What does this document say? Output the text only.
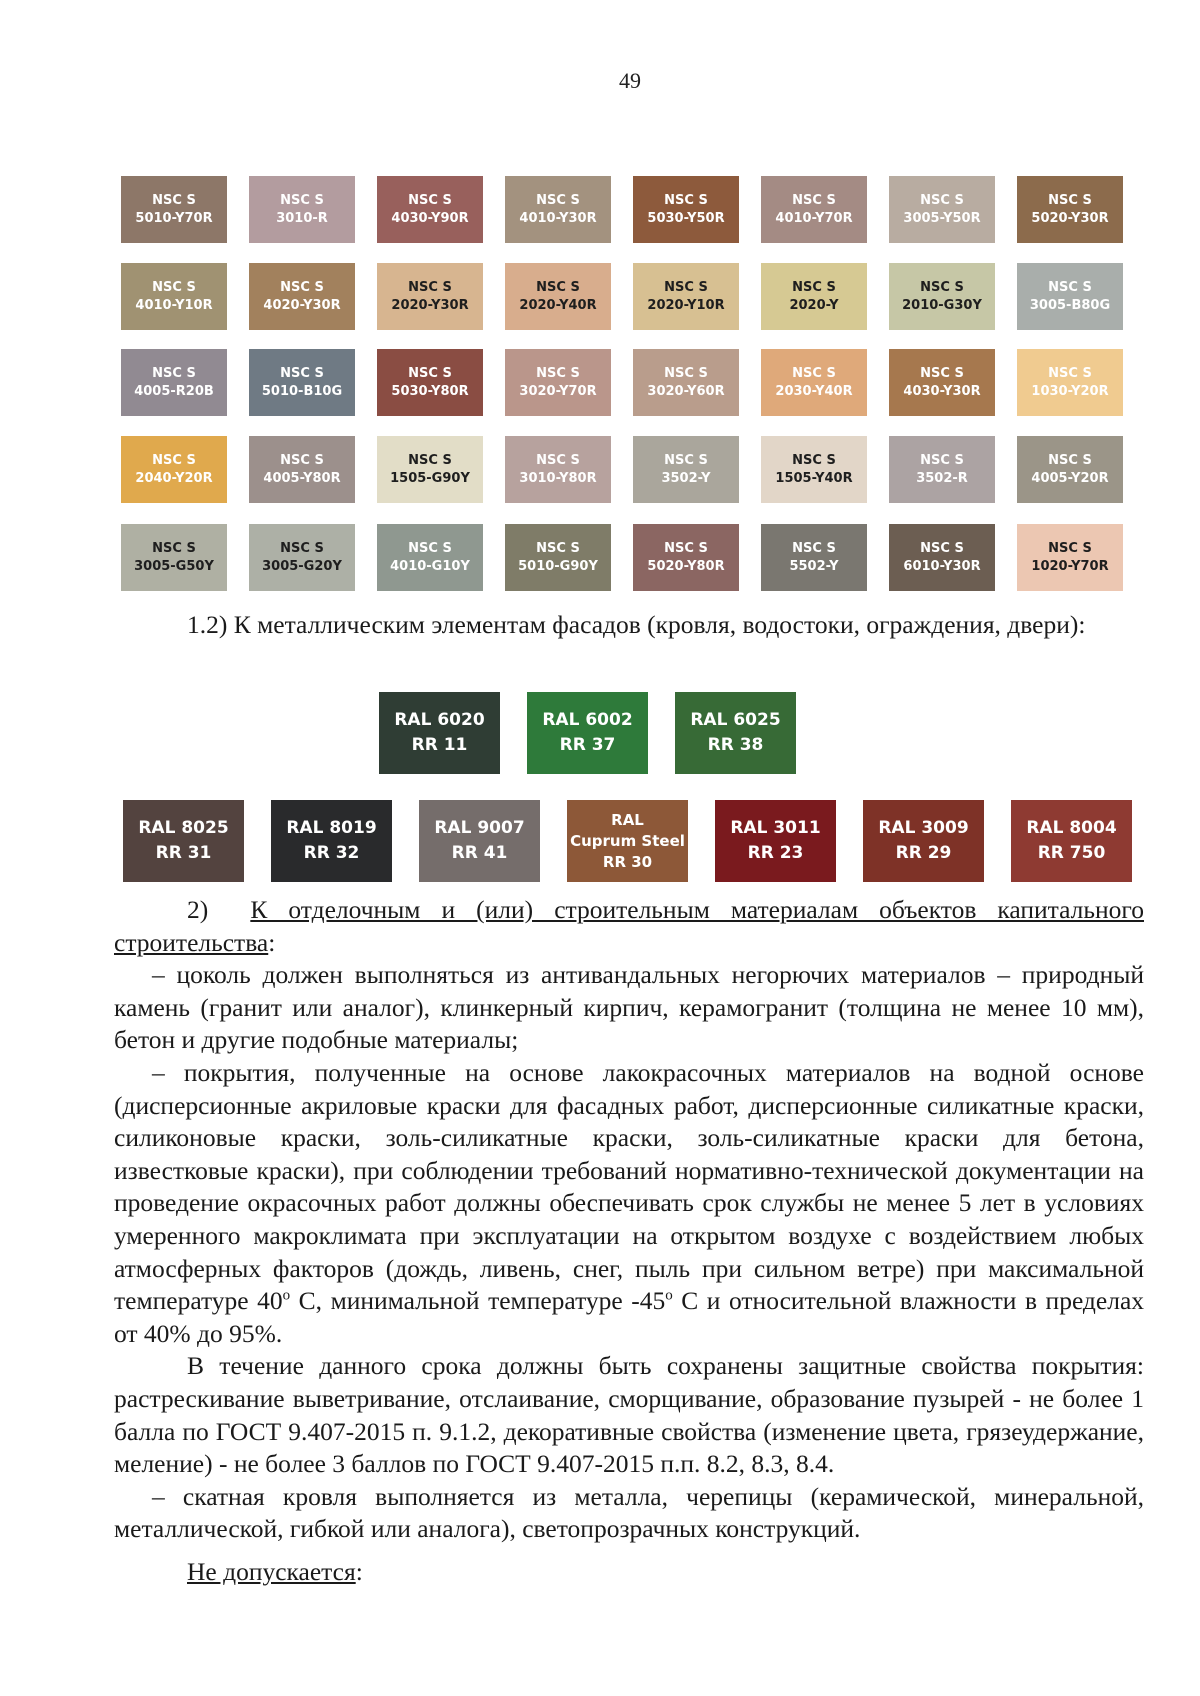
49
NSC S
5010-Y70R
NSC S
3010-R
NSC S
4030-Y90R
NSC S
4010-Y30R
NSC S
5030-Y50R
NSC S
4010-Y70R
NSC S
3005-Y50R
NSC S
5020-Y30R
NSC S
4010-Y10R
NSC S
4020-Y30R
NSC S
2020-Y30R
NSC S
2020-Y40R
NSC S
2020-Y10R
NSC S
2020-Y
NSC S
2010-G30Y
NSC S
3005-B80G
NSC S
4005-R20B
NSC S
5010-B10G
NSC S
5030-Y80R
NSC S
3020-Y70R
NSC S
3020-Y60R
NSC S
2030-Y40R
NSC S
4030-Y30R
NSC S
1030-Y20R
NSC S
2040-Y20R
NSC S
4005-Y80R
NSC S
1505-G90Y
NSC S
3010-Y80R
NSC S
3502-Y
NSC S
1505-Y40R
NSC S
3502-R
NSC S
4005-Y20R
NSC S
3005-G50Y
NSC S
3005-G20Y
NSC S
4010-G10Y
NSC S
5010-G90Y
NSC S
5020-Y80R
NSC S
5502-Y
NSC S
6010-Y30R
NSC S
1020-Y70R

1.2) К металлическим элементам фасадов (кровля, водостоки, ограждения, двери):

RAL 6020
RR 11
RAL 6002
RR 37
RAL 6025
RR 38
RAL 8025
RR 31
RAL 8019
RR 32
RAL 9007
RR 41
RAL
Cuprum Steel
RR 30
RAL 3011
RR 23
RAL 3009
RR 29
RAL 8004
RR 750

2) К отделочным и (или) строительным материалам объектов капитального строительства:

– цоколь должен выполняться из антивандальных негорючих материалов – природный камень (гранит или аналог), клинкерный кирпич, керамогранит (толщина не менее 10 мм), бетон и другие подобные материалы;

– покрытия, полученные на основе лакокрасочных материалов на водной основе (дисперсионные акриловые краски для фасадных работ, дисперсионные силикатные краски, силиконовые краски, золь-силикатные краски, золь-силикатные краски для бетона, известковые краски), при соблюдении требований нормативно-технической документации на проведение окрасочных работ должны обеспечивать срок службы не менее 5 лет в условиях умеренного макроклимата при эксплуатации на открытом воздухе с воздействием любых атмосферных факторов (дождь, ливень, снег, пыль при сильном ветре) при максимальной температуре 40$^o$ С, минимальной температуре -45$^o$ С и относительной влажности в пределах от 40% до 95%.

В течение данного срока должны быть сохранены защитные свойства покрытия: растрескивание выветривание, отслаивание, сморщивание, образование пузырей - не более 1 балла по ГОСТ 9.407-2015 п. 9.1.2, декоративные свойства (изменение цвета, грязеудержание, меление) - не более 3 баллов по ГОСТ 9.407-2015 п.п. 8.2, 8.3, 8.4.

– скатная кровля выполняется из металла, черепицы (керамической, минеральной, металлической, гибкой или аналога), светопрозрачных конструкций.

Не допускается:
